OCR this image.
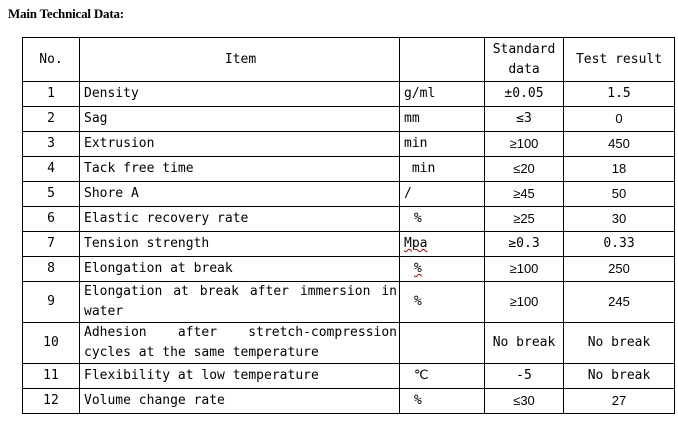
Main Technical Data:
No.	Item		Standard data	Test result
1	Density	g/ml	±0.05	1.5
2	Sag	mm	≤3	0
3	Extrusion	min	≥100	450
4	Tack free time	min	≤20	18
5	Shore A	/	≥45	50
6	Elastic recovery rate	%	≥25	30
7	Tension strength	Mpa	≥0.3	0.33
8	Elongation at break	%	≥100	250
9	Elongation at break after immersion in water	%	≥100	245
10	Adhesion after stretch-compression cycles at the same temperature		No break	No break
11	Flexibility at low temperature	℃	-5	No break
12	Volume change rate	%	≤30	27
